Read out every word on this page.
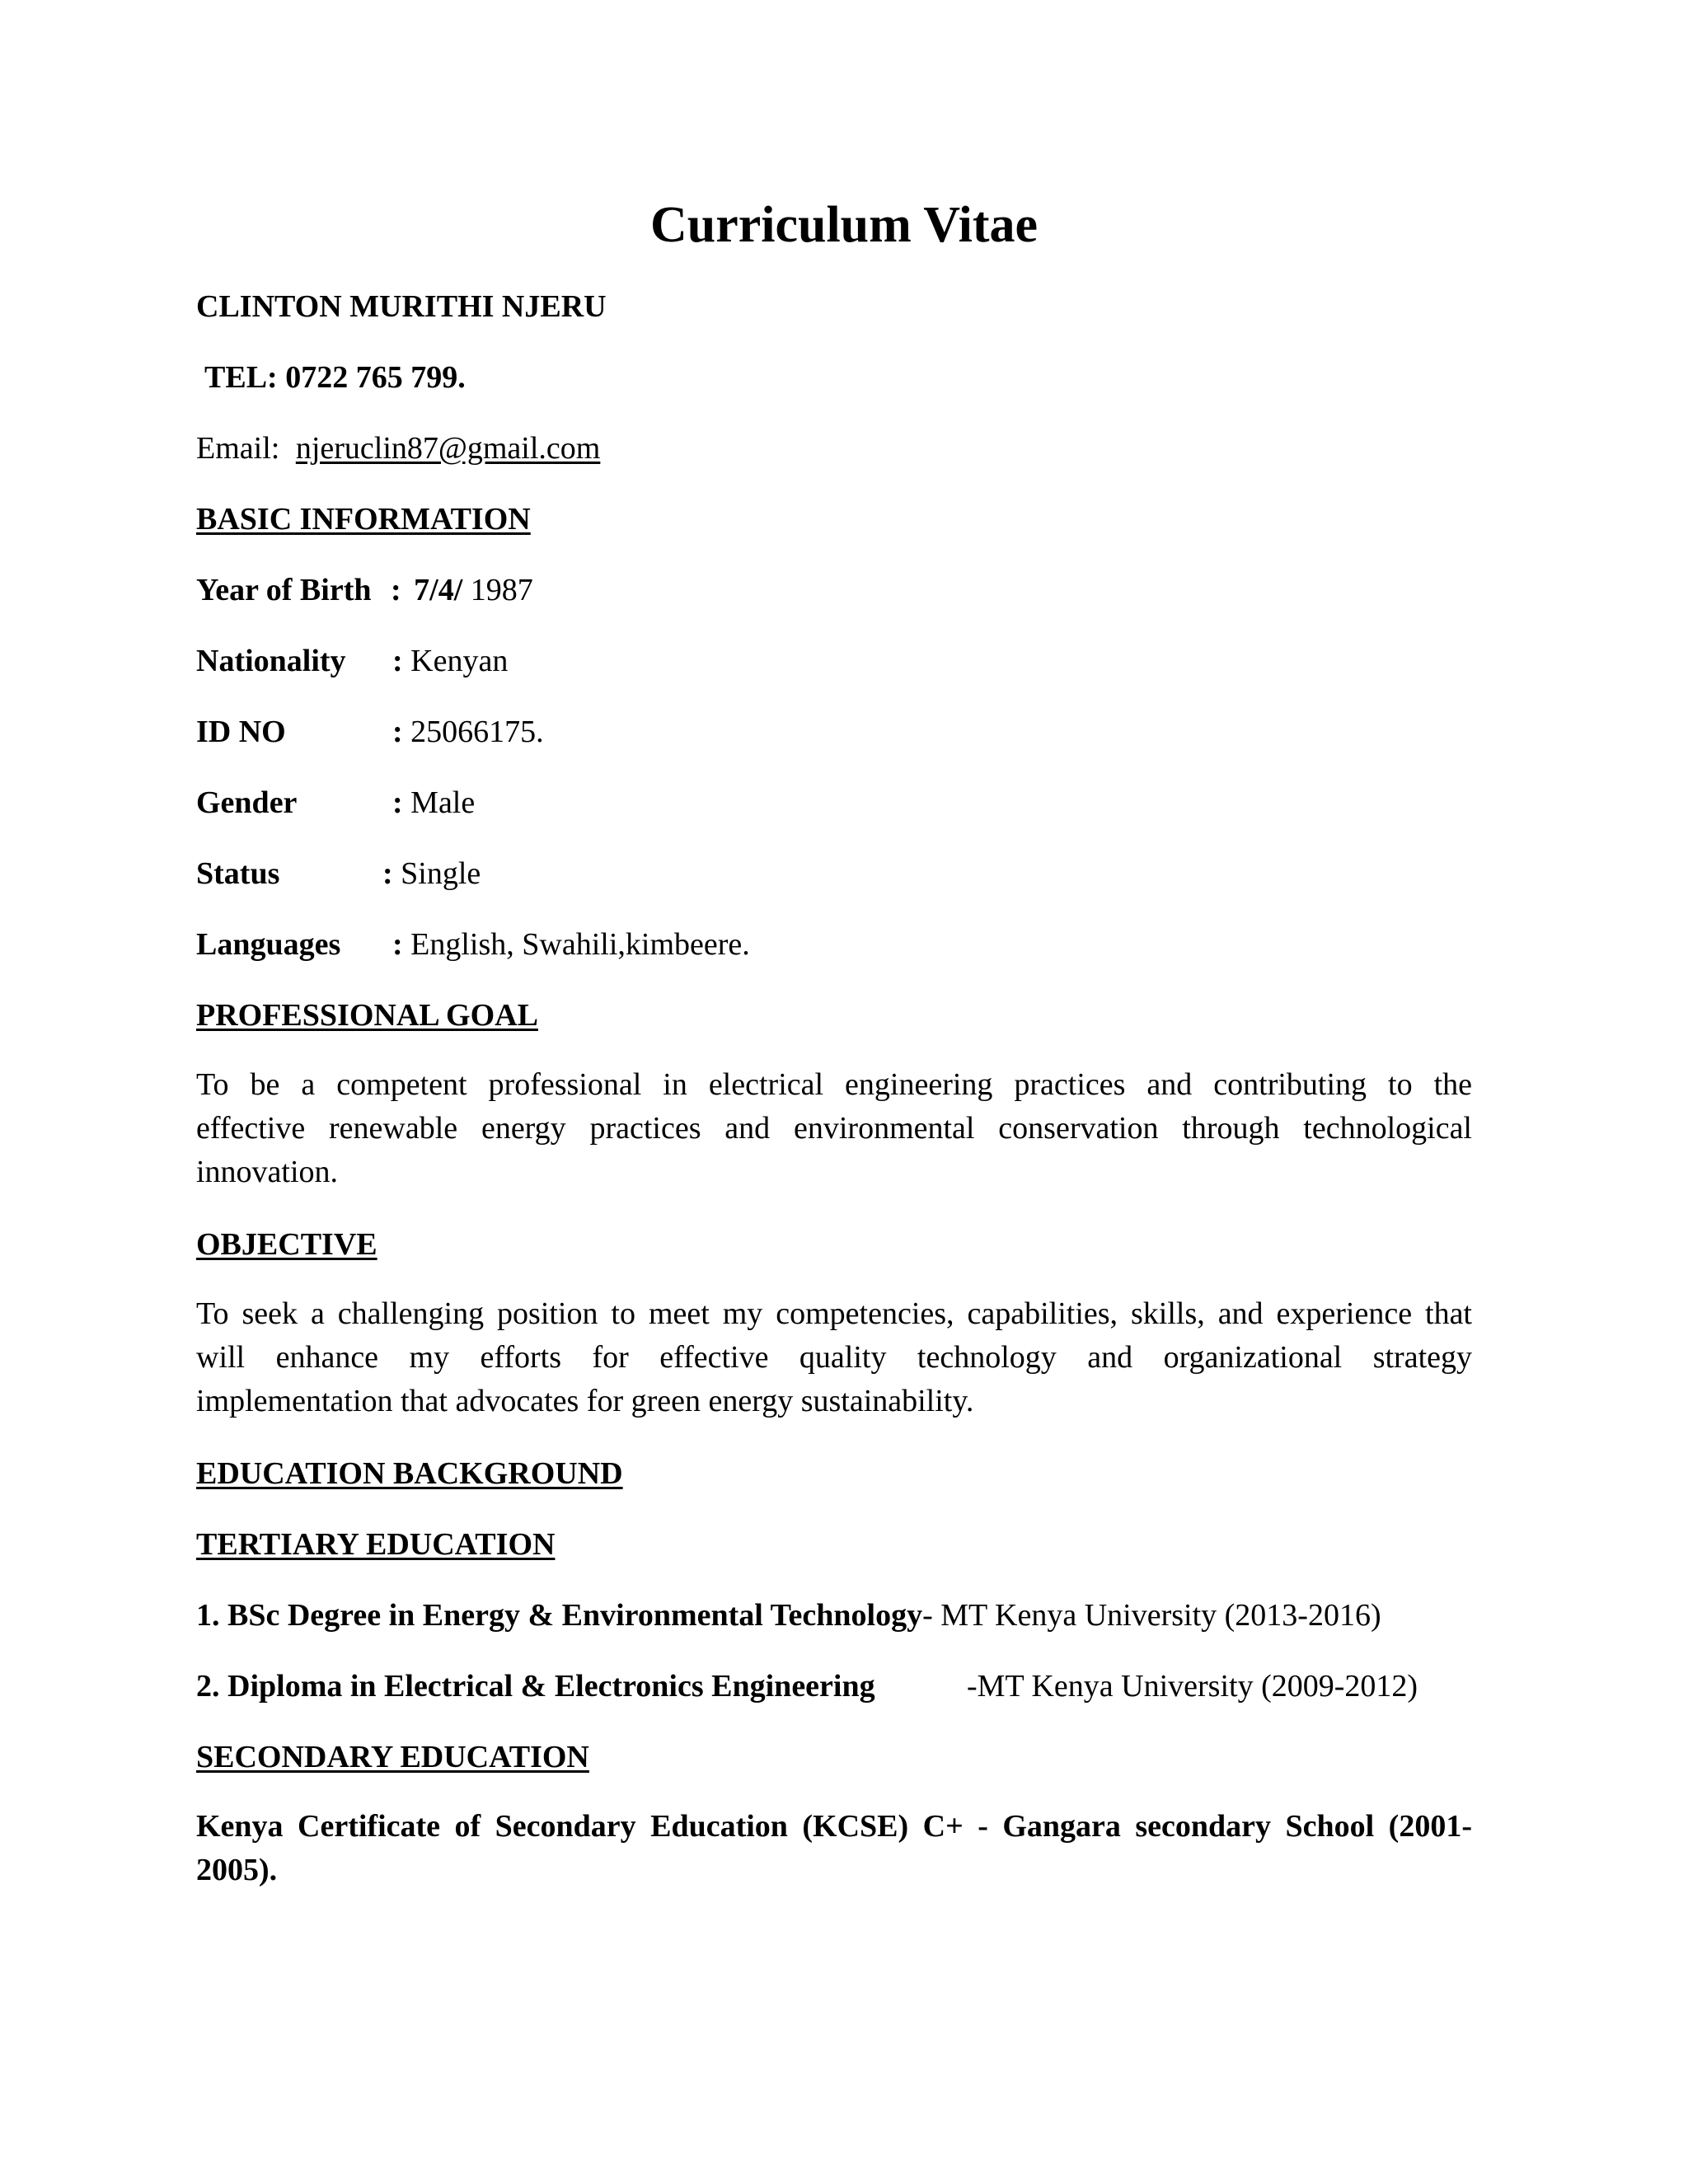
Curriculum Vitae
CLINTON MURITHI NJERU
TEL: 0722 765 799.
Email: njeruclin87@gmail.com
BASIC INFORMATION
Year of Birth : 7/4/ 1987
Nationality : Kenyan
ID NO	: 25066175.
Gender	: Male
Status	: Single
Languages : English, Swahili,kimbeere.
PROFESSIONAL GOAL
To be a competent professional in electrical engineering practices and contributing to the
effective renewable energy practices and environmental conservation through technological
innovation.
OBJECTIVE
To seek a challenging position to meet my competencies, capabilities, skills, and experience that
will enhance my efforts for effective quality technology and organizational strategy
implementation that advocates for green energy sustainability.
EDUCATION BACKGROUND
TERTIARY EDUCATION
1. BSc Degree in Energy & Environmental Technology- MT Kenya University (2013-2016)
2. Diploma in Electrical & Electronics Engineering	-MT Kenya University (2009-2012)
SECONDARY EDUCATION
Kenya Certificate of Secondary Education (KCSE) C+ - Gangara secondary School (2001-
2005).
